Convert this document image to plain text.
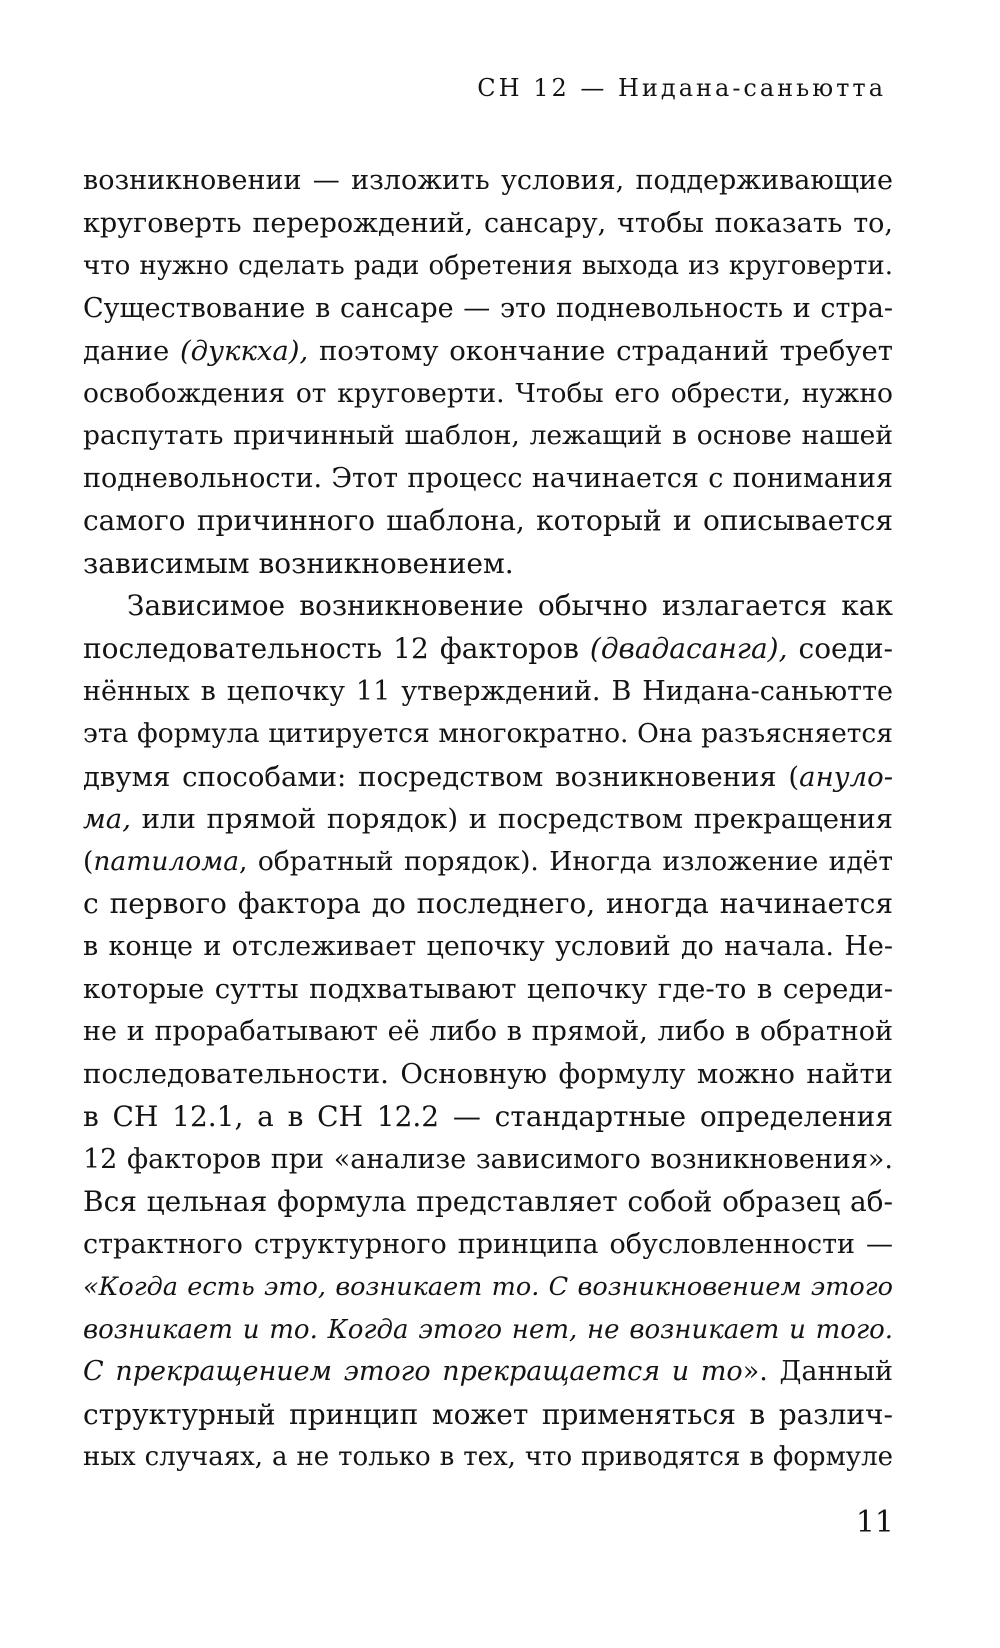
СН 12 — Нидана-саньютта
возникновении — изложить условия, поддерживающие
круговерть перерождений, сансару, чтобы показать то,
что нужно сделать ради обретения выхода из круговерти.
Существование в сансаре — это подневольность и стра-
дание (дуккха), поэтому окончание страданий требует
освобождения от круговерти. Чтобы его обрести, нужно
распутать причинный шаблон, лежащий в основе нашей
подневольности. Этот процесс начинается с понимания
самого причинного шаблона, который и описывается
зависимым возникновением.
Зависимое возникновение обычно излагается как
последовательность 12 факторов (двадасанга), соеди-
нённых в цепочку 11 утверждений. В Нидана-саньютте
эта формула цитируется многократно. Она разъясняется
двумя способами: посредством возникновения (ануло-
ма, или прямой порядок) и посредством прекращения
(патилома, обратный порядок). Иногда изложение идёт
с первого фактора до последнего, иногда начинается
в конце и отслеживает цепочку условий до начала. Не-
которые сутты подхватывают цепочку где-то в середи-
не и прорабатывают её либо в прямой, либо в обратной
последовательности. Основную формулу можно найти
в СН 12.1, а в СН 12.2 — стандартные определения
12 факторов при «анализе зависимого возникновения».
Вся цельная формула представляет собой образец аб-
страктного структурного принципа обусловленности —
«Когда есть это, возникает то. С возникновением этого
возникает и то. Когда этого нет, не возникает и того.
С прекращением этого прекращается и то». Данный
структурный принцип может применяться в различ-
ных случаях, а не только в тех, что приводятся в формуле
11
